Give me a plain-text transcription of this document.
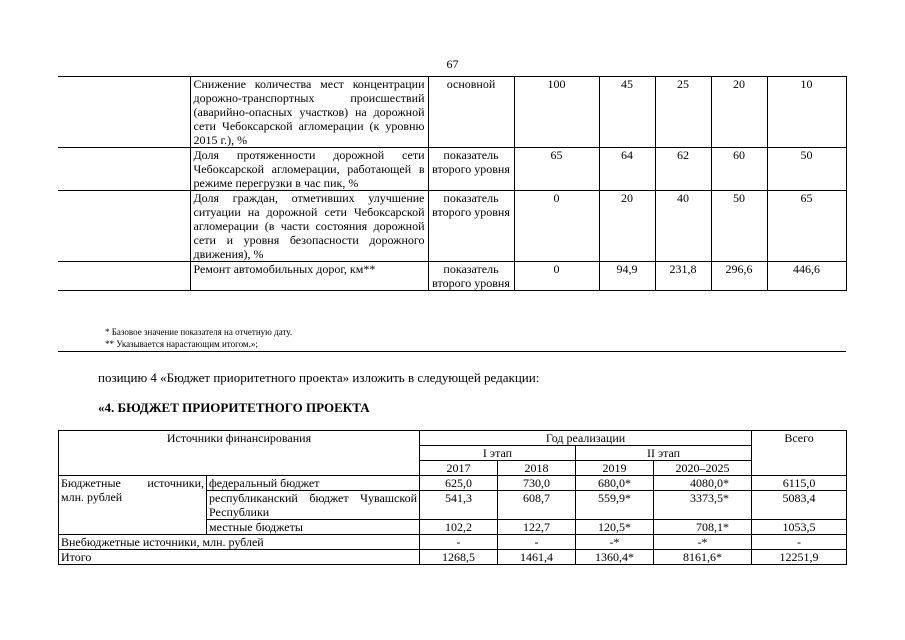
67
	Снижение количества мест концентрации дорожно-транспортных происшествий (аварийно-опасных участков) на дорожной сети Чебоксарской агломерации (к уровню 2015 г.), %	основной	100	45	25	20	10
	Доля протяженности дорожной сети Чебоксарской агломерации, работающей в режиме перегрузки в час пик, %	показатель второго уровня	65	64	62	60	50
	Доля граждан, отметивших улучшение ситуации на дорожной сети Чебоксарской агломерации (в части состояния дорожной сети и уровня безопасности дорожного движения), %	показатель второго уровня	0	20	40	50	65
	Ремонт автомобильных дорог, км**	показатель второго уровня	0	94,9	231,8	296,6	446,6
* Базовое значение показателя на отчетную дату.
** Указывается нарастающим итогом.»;
позицию 4 «Бюджет приоритетного проекта» изложить в следующей редакции:
«4. БЮДЖЕТ ПРИОРИТЕТНОГО ПРОЕКТА
Источники финансирования		Год реализации				Всего
		I этап		II этап		
		2017	2018	2019	2020–2025	
Бюджетные источники, млн. рублей	федеральный бюджет	625,0	730,0	680,0*	4080,0*	6115,0
	республиканский бюджет Чувашской Республики	541,3	608,7	559,9*	3373,5*	5083,4
	местные бюджеты	102,2	122,7	120,5*	708,1*	1053,5
Внебюджетные источники, млн. рублей		-	-	-*	-*	-
Итого		1268,5	1461,4	1360,4*	8161,6*	12251,9
